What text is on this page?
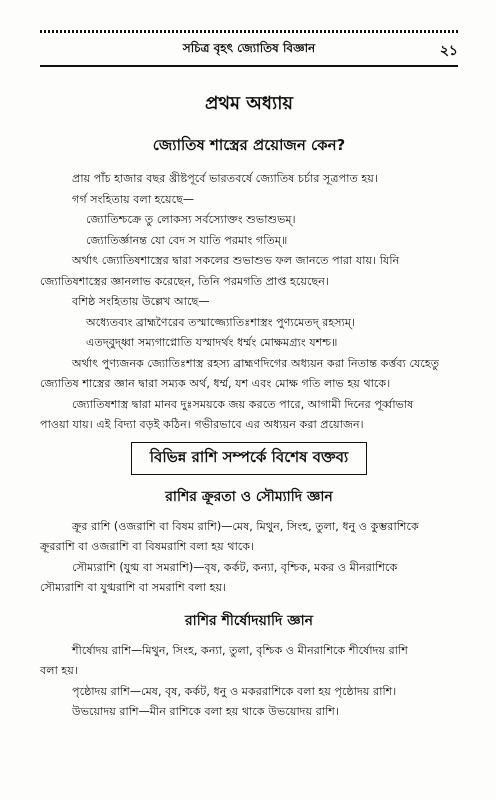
সচিত্র বৃহৎ জ্যোতিষ বিজ্ঞান	২১
প্রথম অধ্যায়
জ্যোতিষ শাস্ত্রের প্রয়োজন কেন?

প্রায় পাঁচ হাজার বছর খ্রীষ্টপূর্বে ভারতবর্ষে জ্যোতিষ চর্চার সূত্রপাত হয়।

গর্গ সংহিতায় বলা হয়েছে—

জ্যোতিশ্চক্রে তু লোকস্য সর্বস্যোক্তং শুভাশুভম্।

জ্যোতির্জ্ঞানন্ত যো বেদ স যাতি পরমাং গতিম্॥

অর্থাৎ জ্যোতিষশাস্ত্রের দ্বারা সকলের শুভাশুভ ফল জানতে পারা যায়। যিনি

জ্যোতিষশাস্ত্রের জ্ঞানলাভ করেছেন, তিনি পরমগতি প্রাপ্ত হয়েছেন।

বশিষ্ঠ সংহিতায় উল্লেখ আছে—

অধ্যেতব্যং ব্রাহ্মণৈরেব তস্মাজ্জ্যোতিঃশাস্ত্রং পুণ্যমেতদ্ রহস্যম্।

এতদ্‌বুদ্ধ্বা সম্যগাপ্নোতি যস্মাদর্থং ধর্ম্মং মোক্ষমগ্র্যং যশশ্চ॥

অর্থাৎ পুণ্যজনক জ্যোতিঃশাস্ত্র রহস্য ব্রাহ্মণদিগের অধ্যয়ন করা নিতান্ত কর্ত্তব্য যেহেতু

জ্যোতিষ শাস্ত্রের জ্ঞান দ্বারা সম্যক অর্থ, ধর্ম্ম, যশ এবং মোক্ষ গতি লাভ হয় থাকে।

জ্যোতিষশাস্ত্র দ্বারা মানব দুঃসময়কে জয় করতে পারে, আগামী দিনের পূর্ব্বাভাষ

পাওয়া যায়। এই বিদ্যা বড়ই কঠিন। গভীরভাবে এর অধ্যয়ন করা প্রয়োজন।

বিভিন্ন রাশি সম্পর্কে বিশেষ বক্তব্য
রাশির ক্রূরতা ও সৌম্যাদি জ্ঞান

ক্রূর রাশি (ওজরাশি বা বিষম রাশি)—মেষ, মিথুন, সিংহ, তুলা, ধনু ও কুম্ভরাশিকে

ক্রূররাশি বা ওজরাশি বা বিষমরাশি বলা হয় থাকে।

সৌম্যরাশি (যুগ্ম বা সমরাশি)—বৃষ, কর্কট, কন্যা, বৃশ্চিক, মকর ও মীনরাশিকে

সৌম্যরাশি বা যুগ্মরাশি বা সমরাশি বলা হয়।

রাশির শীর্ষোদয়াদি জ্ঞান

শীর্ষোদয় রাশি—মিথুন, সিংহ, কন্যা, তুলা, বৃশ্চিক ও মীনরাশিকে শীর্ষোদয় রাশি

বলা হয়।

পৃষ্ঠোদয় রাশি—মেষ, বৃষ, কর্কট, ধনু ও মকররাশিকে বলা হয় পৃষ্ঠোদয় রাশি।

উভয়োদয় রাশি—মীন রাশিকে বলা হয় থাকে উভয়োদয় রাশি।
